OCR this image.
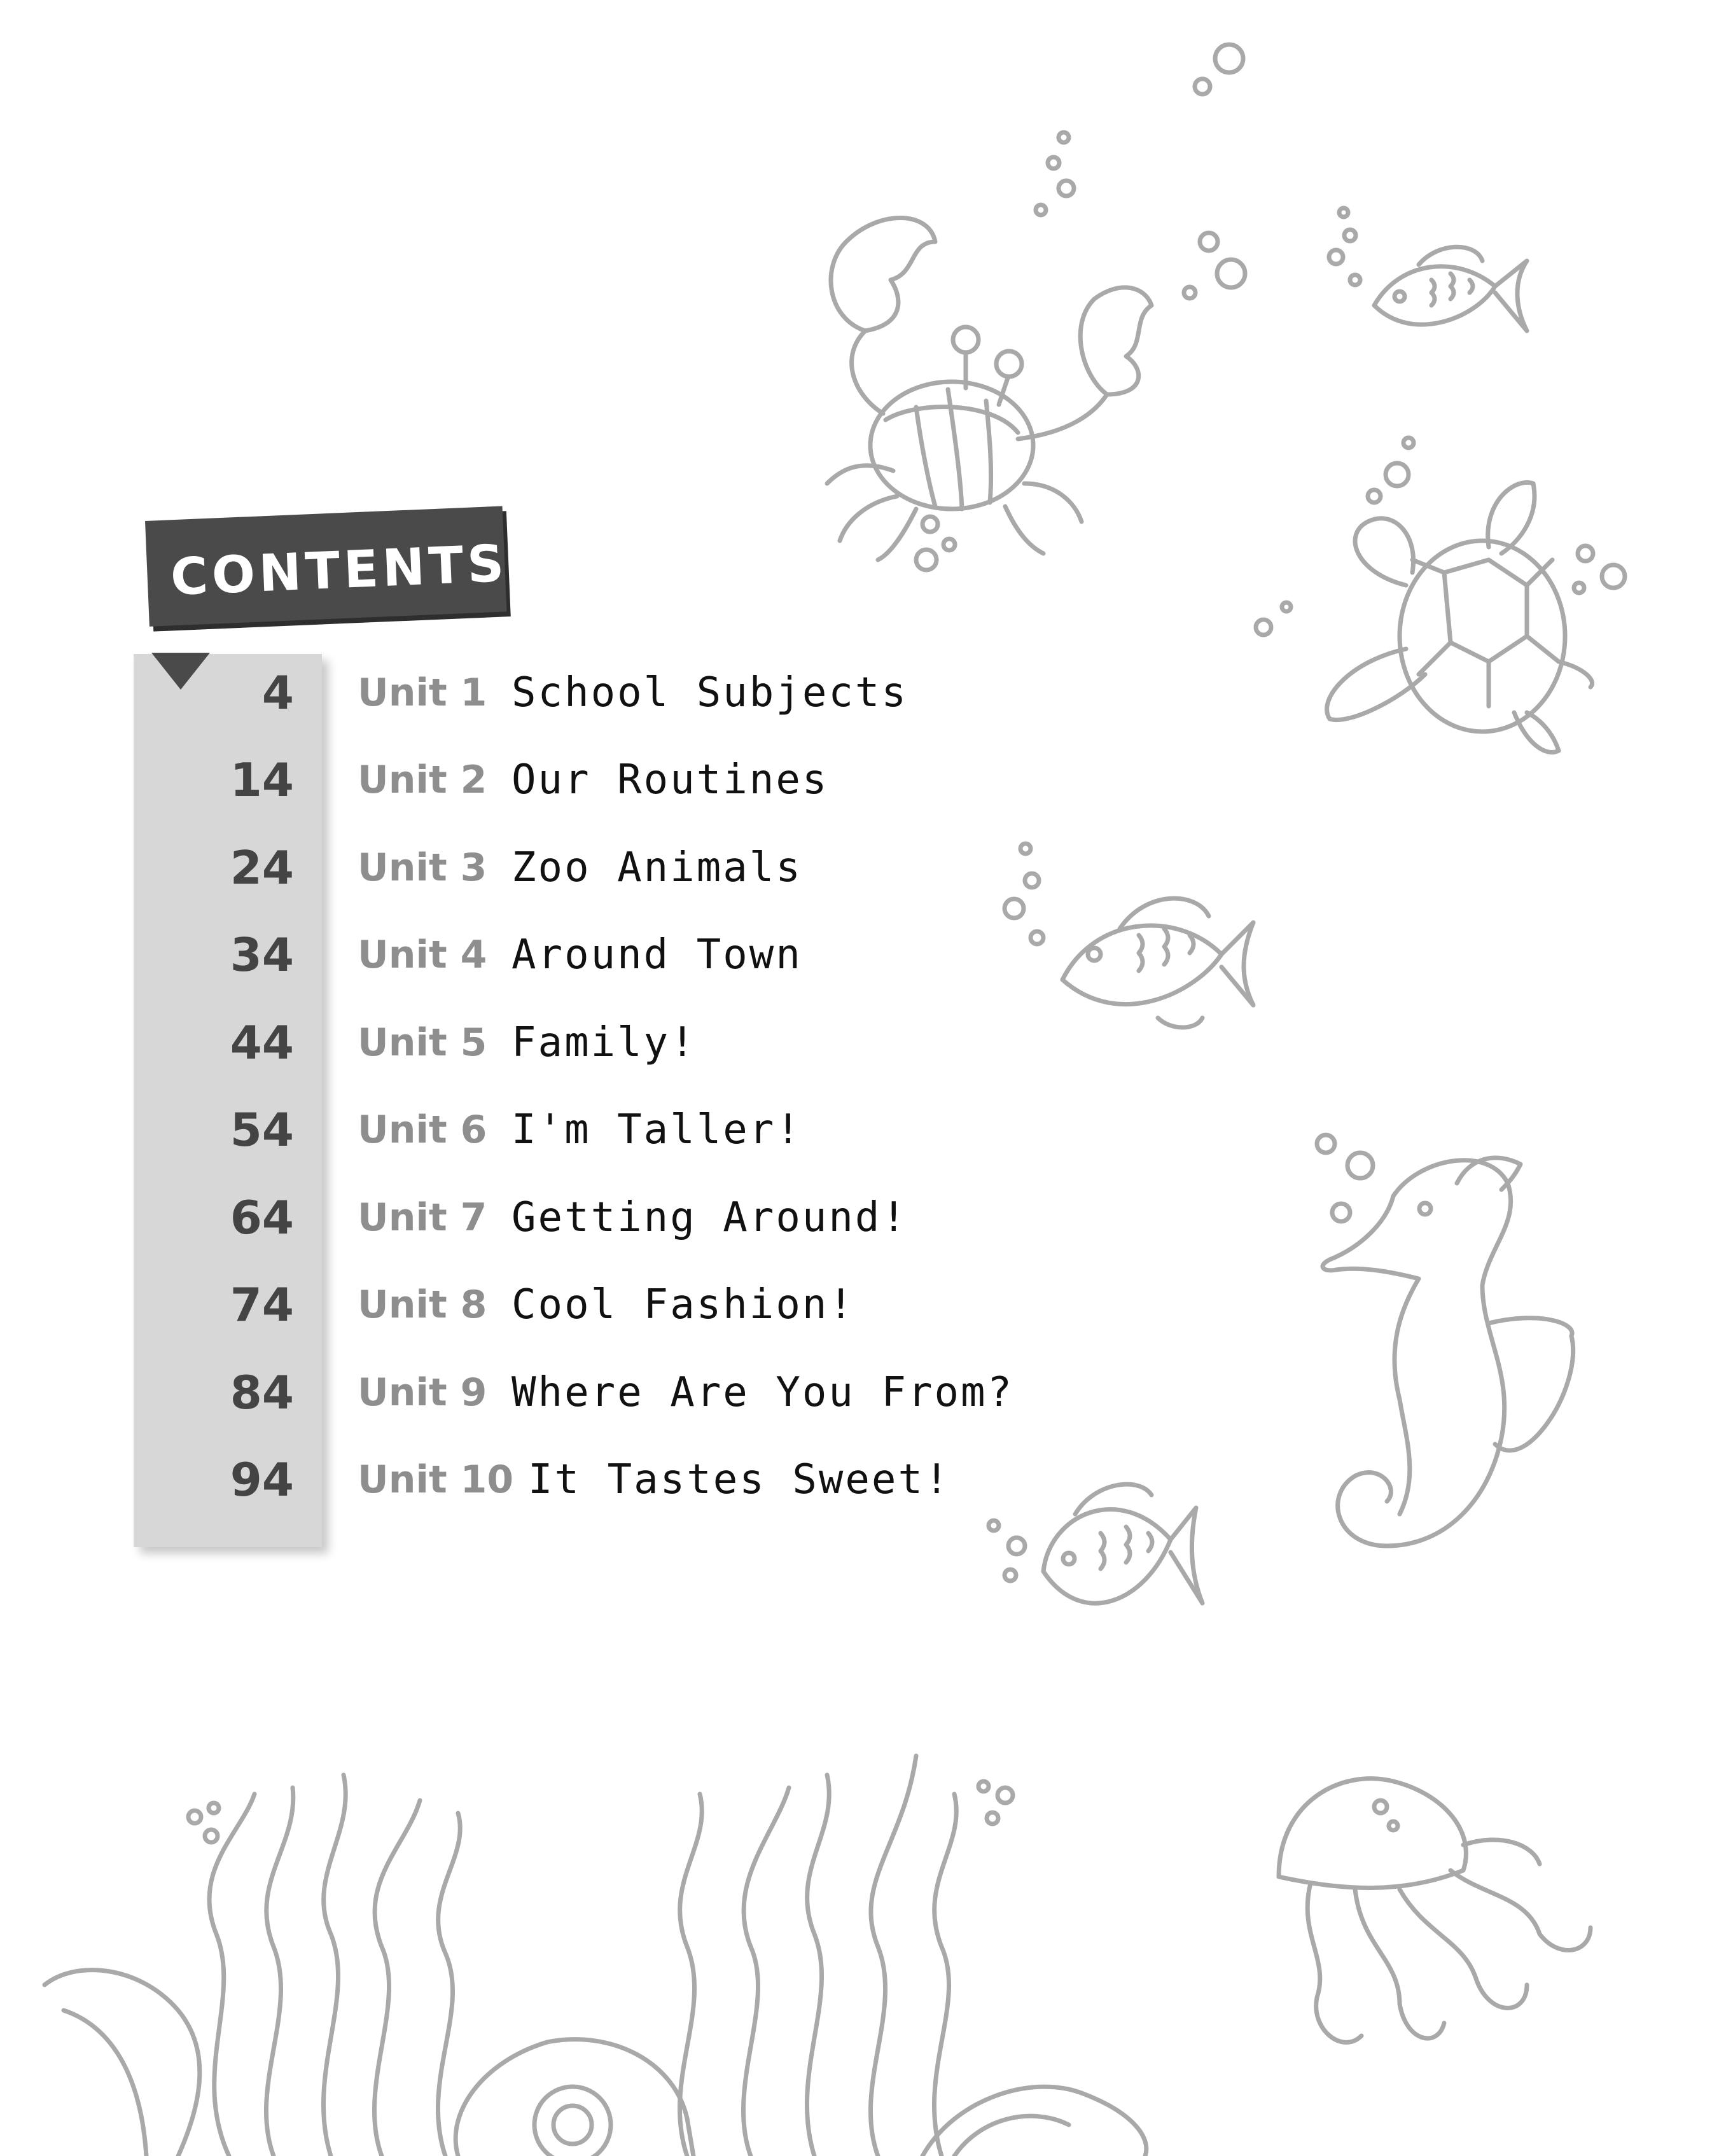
CONTENTS
4 Unit 1 School Subjects
14 Unit 2 Our Routines
24 Unit 3 Zoo Animals
34 Unit 4 Around Town
44 Unit 5 Family!
54 Unit 6 I'm Taller!
64 Unit 7 Getting Around!
74 Unit 8 Cool Fashion!
84 Unit 9 Where Are You From?
94 Unit 10 It Tastes Sweet!
